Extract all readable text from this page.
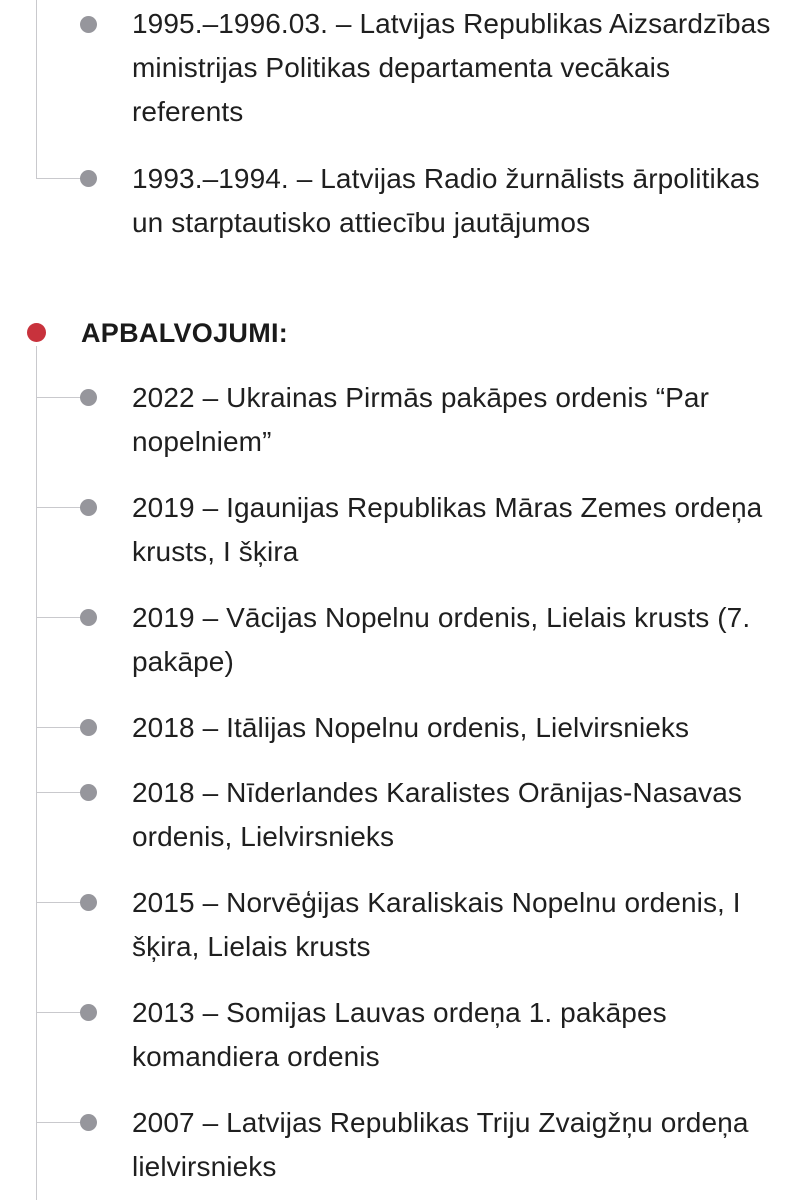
1995.–1996.03. – Latvijas Republikas Aizsardzības ministrijas Politikas departamenta vecākais referents
1993.–1994. – Latvijas Radio žurnālists ārpolitikas un starptautisko attiecību jautājumos
APBALVOJUMI:
2022 – Ukrainas Pirmās pakāpes ordenis “Par nopelniem”
2019 – Igaunijas Republikas Māras Zemes ordeņa krusts, I šķira
2019 – Vācijas Nopelnu ordenis, Lielais krusts (7. pakāpe)
2018 – Itālijas Nopelnu ordenis, Lielvirsnieks
2018 – Nīderlandes Karalistes Orānijas-Nasavas ordenis, Lielvirsnieks
2015 – Norvēģijas Karaliskais Nopelnu ordenis, I šķira, Lielais krusts
2013 – Somijas Lauvas ordeņa 1. pakāpes komandiera ordenis
2007 – Latvijas Republikas Triju Zvaigžņu ordeņa lielvirsnieks
